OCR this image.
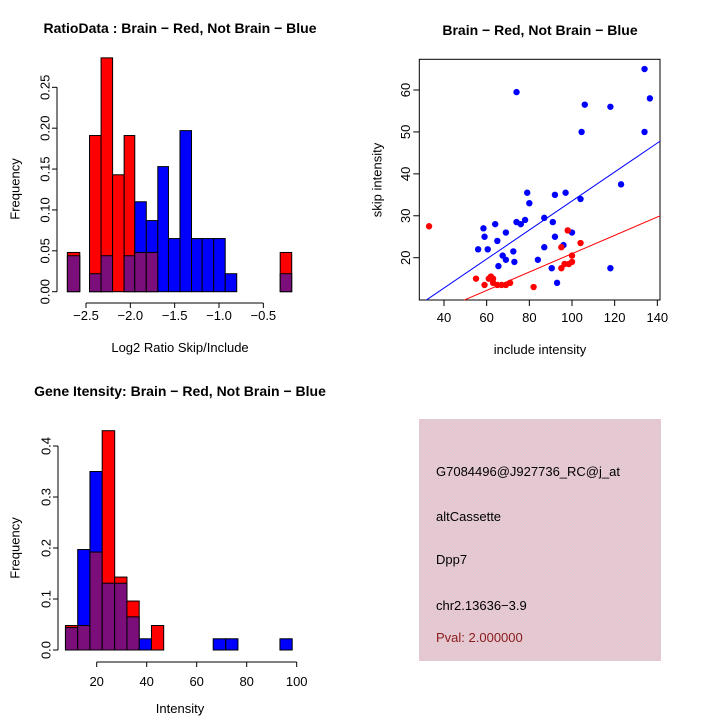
RatioData : Brain − Red, Not Brain − Blue
Frequency
−2.5 −2.0 −1.5 −1.0 −0.5
0.00
0.05
0.10
0.15
0.20
0.25
Log2 Ratio Skip/Include
Brain − Red, Not Brain − Blue
skip intensity
40 60 80 100 120 140
20
30
40
50
60
include intensity
Gene Itensity: Brain − Red, Not Brain − Blue
Frequency
20	40	60	80 100
0.0
0.1
0.2
0.3
0.4
Intensity
G7084496@J927736_RC@j_at
altCassette
Dpp7
chr2.13636−3.9
Pval: 2.000000
